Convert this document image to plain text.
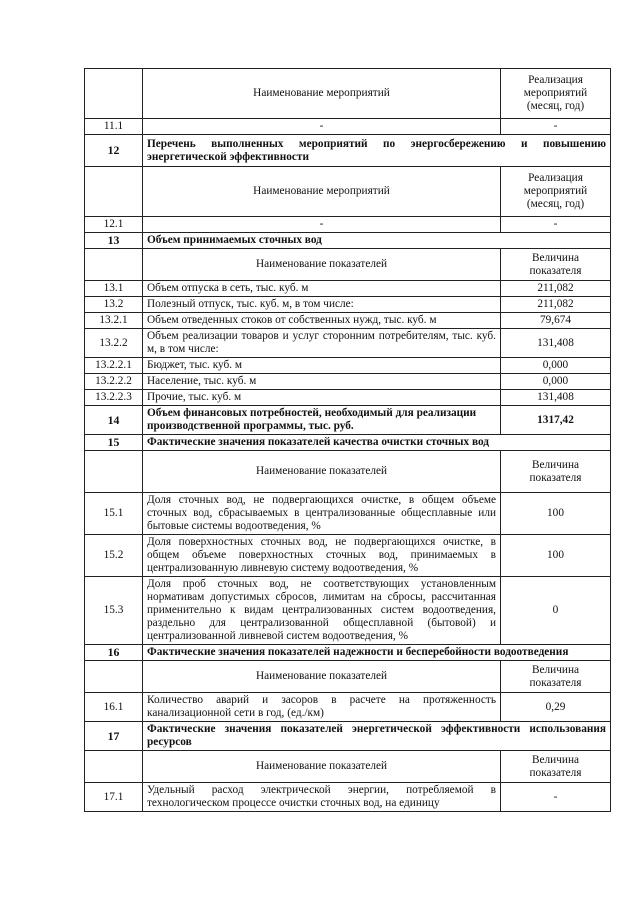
	Наименование мероприятий	Реализация мероприятий (месяц, год)
11.1	-	-
12	Перечень выполненных мероприятий по энергосбережению и повышению энергетической эффективности	
	Наименование мероприятий	Реализация мероприятий (месяц, год)
12.1	-	-
13	Объем принимаемых сточных вод	
	Наименование показателей	Величина показателя
13.1	Объем отпуска в сеть, тыс. куб. м	211,082
13.2	Полезный отпуск, тыс. куб. м, в том числе:	211,082
13.2.1	Объем отведенных стоков от собственных нужд, тыс. куб. м	79,674
13.2.2	Объем реализации товаров и услуг сторонним потребителям, тыс. куб. м, в том числе:	131,408
13.2.2.1	Бюджет, тыс. куб. м	0,000
13.2.2.2	Население, тыс. куб. м	0,000
13.2.2.3	Прочие, тыс. куб. м	131,408
14	Объем финансовых потребностей, необходимый для реализации производственной программы, тыс. руб.	1317,42
15	Фактические значения показателей качества очистки сточных вод	
	Наименование показателей	Величина показателя
15.1	Доля сточных вод, не подвергающихся очистке, в общем объеме сточных вод, сбрасываемых в централизованные общесплавные или бытовые системы водоотведения, %	100
15.2	Доля поверхностных сточных вод, не подвергающихся очистке, в общем объеме поверхностных сточных вод, принимаемых в централизованную ливневую систему водоотведения, %	100
15.3	Доля проб сточных вод, не соответствующих установленным нормативам допустимых сбросов, лимитам на сбросы, рассчитанная применительно к видам централизованных систем водоотведения, раздельно для централизованной общесплавной (бытовой) и централизованной ливневой систем водоотведения, %	0
16	Фактические значения показателей надежности и бесперебойности водоотведения	
	Наименование показателей	Величина показателя
16.1	Количество аварий и засоров в расчете на протяженность канализационной сети в год, (ед./км)	0,29
17	Фактические значения показателей энергетической эффективности использования ресурсов	
	Наименование показателей	Величина показателя
17.1	Удельный расход электрической энергии, потребляемой в технологическом процессе очистки сточных вод, на единицу	-
